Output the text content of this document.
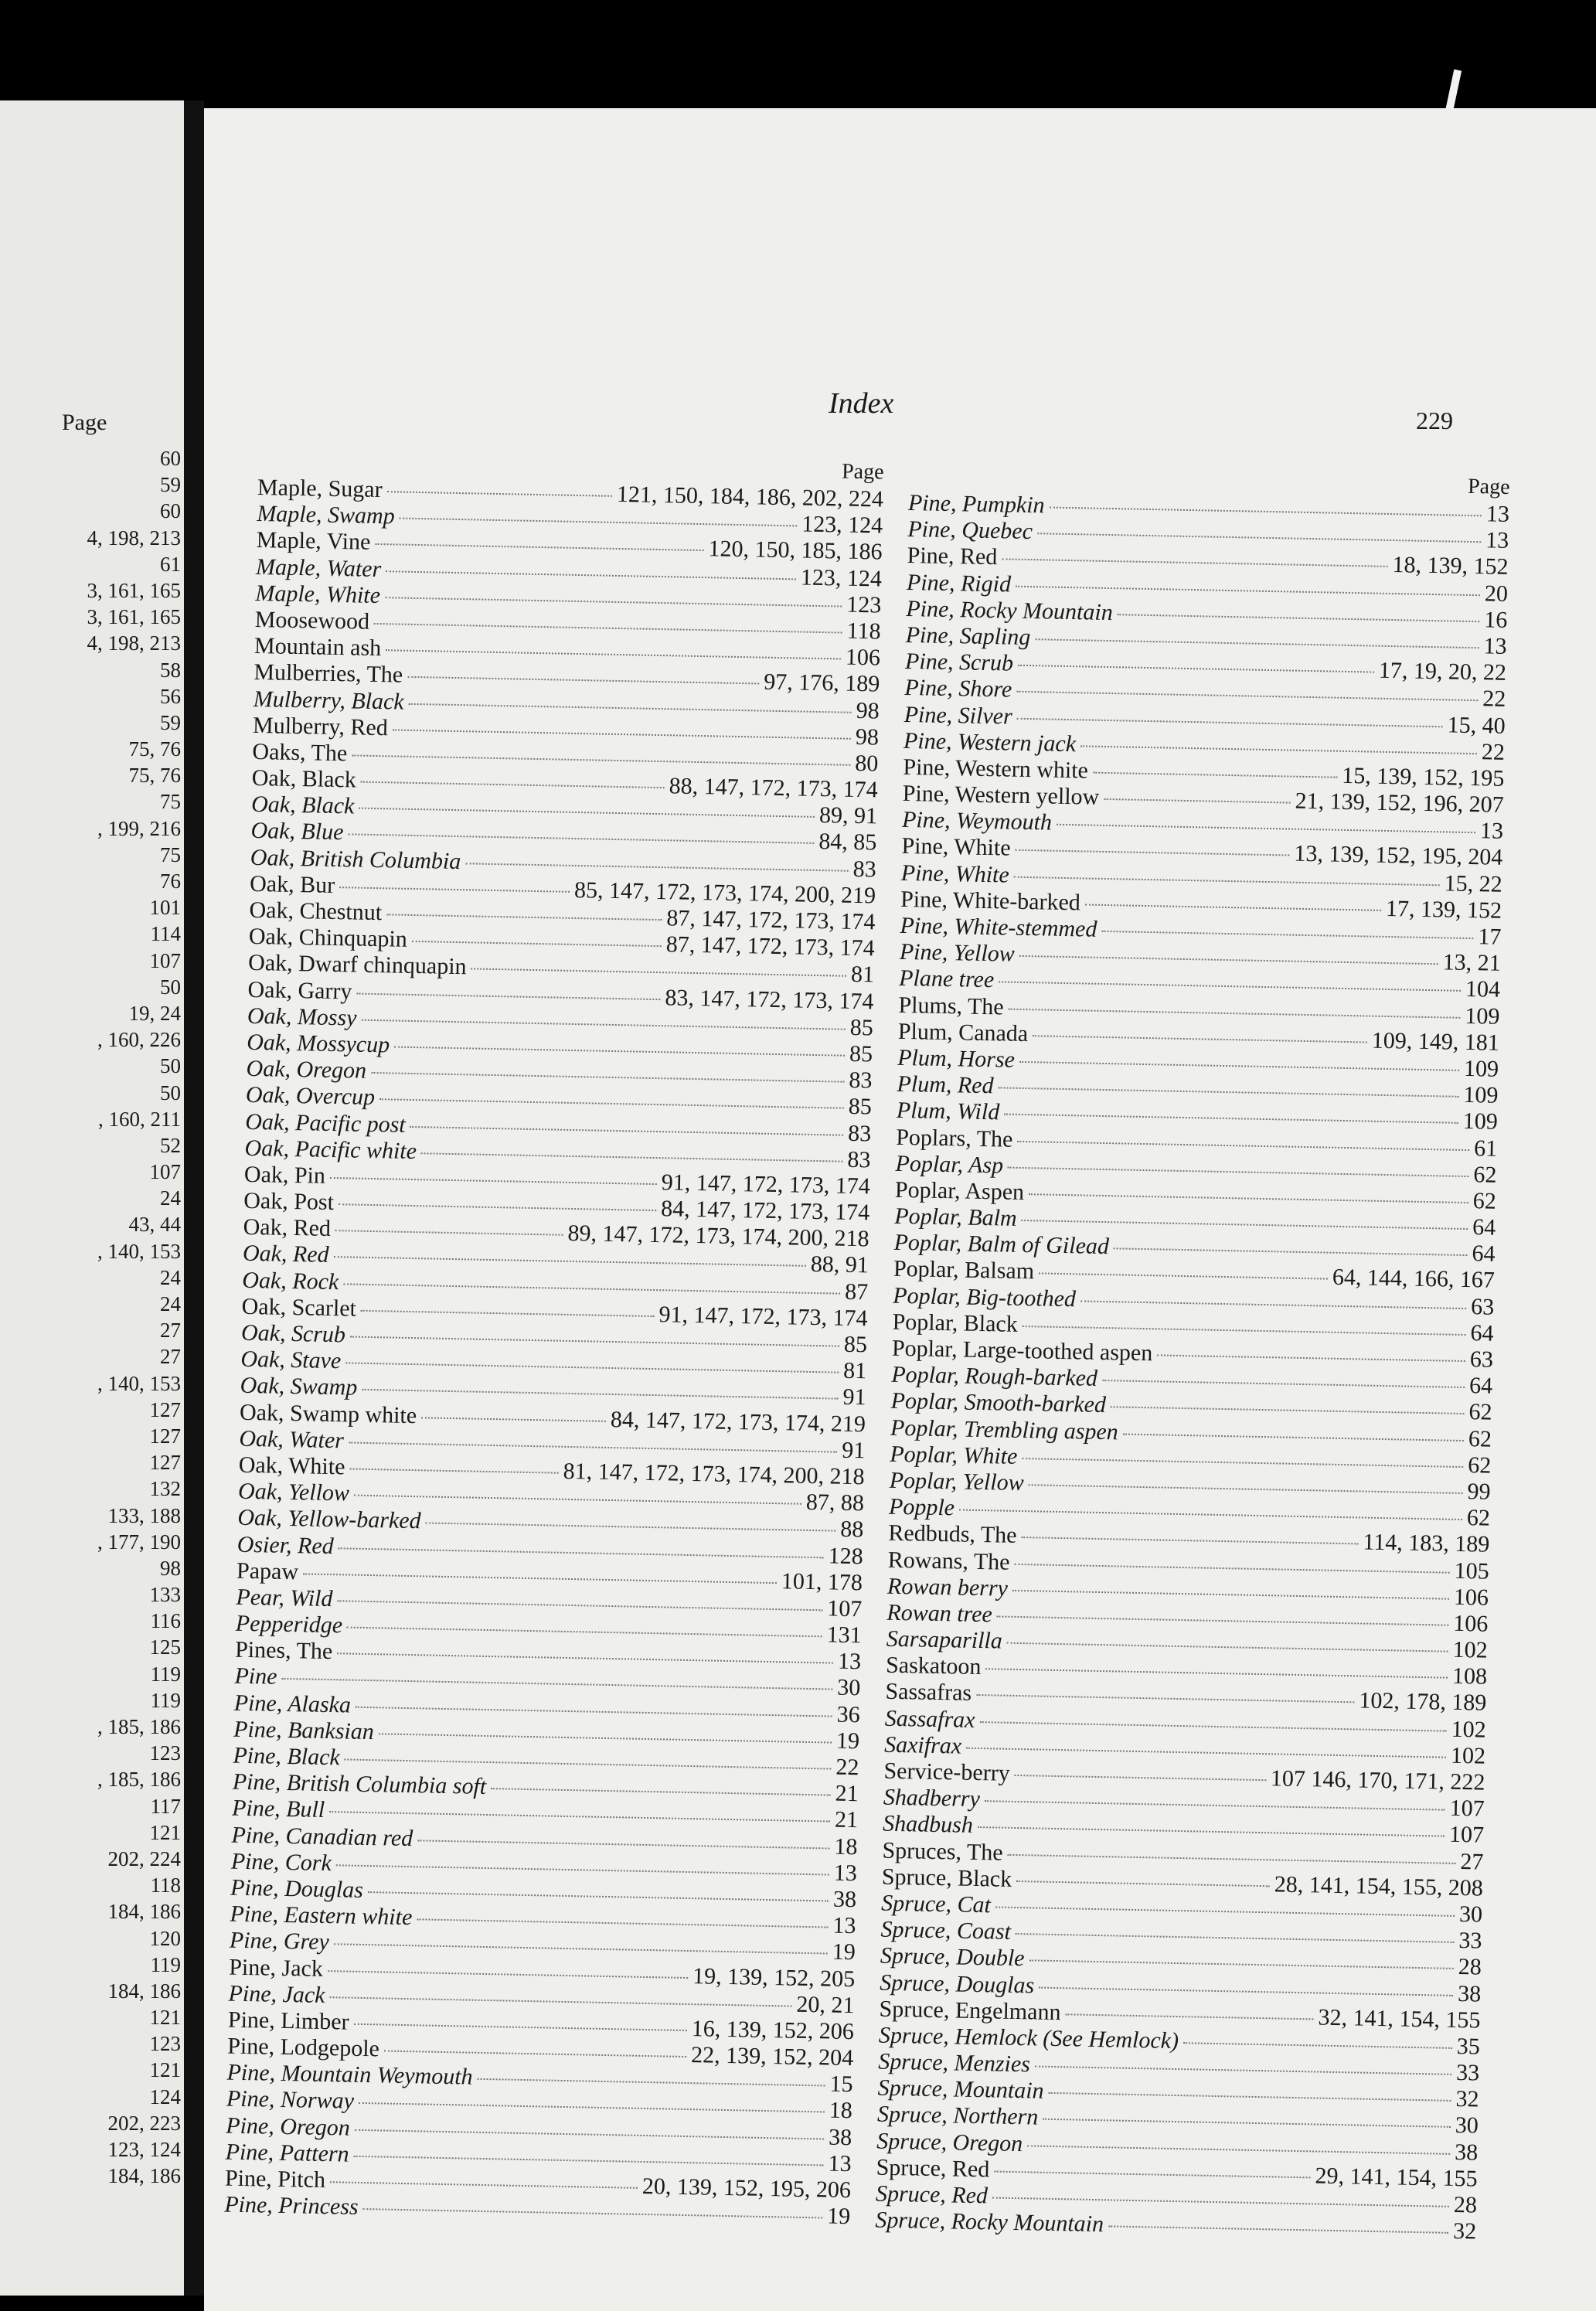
Page
60
59
60
4, 198, 213
61
3, 161, 165
3, 161, 165
4, 198, 213
58
56
59
75, 76
75, 76
75
, 199, 216
75
76
101
114
107
50
19, 24
, 160, 226
50
50
, 160, 211
52
107
24
43, 44
, 140, 153
24
24
27
27
, 140, 153
127
127
127
132
133, 188
, 177, 190
98
133
116
125
119
119
, 185, 186
123
, 185, 186
117
121
202, 224
118
184, 186
120
119
184, 186
121
123
121
124
202, 223
123, 124
184, 186
Index
229
Page
Maple, Sugar	121, 150, 184, 186, 202, 224
Maple, Swamp	123, 124
Maple, Vine	120, 150, 185, 186
Maple, Water	123, 124
Maple, White	123
Moosewood	118
Mountain ash	106
Mulberries, The	97, 176, 189
Mulberry, Black	98
Mulberry, Red	98
Oaks, The	80
Oak, Black	88, 147, 172, 173, 174
Oak, Black	89, 91
Oak, Blue	84, 85
Oak, British Columbia	83
Oak, Bur	85, 147, 172, 173, 174, 200, 219
Oak, Chestnut	87, 147, 172, 173, 174
Oak, Chinquapin	87, 147, 172, 173, 174
Oak, Dwarf chinquapin	81
Oak, Garry	83, 147, 172, 173, 174
Oak, Mossy	85
Oak, Mossycup	85
Oak, Oregon	83
Oak, Overcup	85
Oak, Pacific post	83
Oak, Pacific white	83
Oak, Pin	91, 147, 172, 173, 174
Oak, Post	84, 147, 172, 173, 174
Oak, Red	89, 147, 172, 173, 174, 200, 218
Oak, Red	88, 91
Oak, Rock	87
Oak, Scarlet	91, 147, 172, 173, 174
Oak, Scrub	85
Oak, Stave	81
Oak, Swamp	91
Oak, Swamp white	84, 147, 172, 173, 174, 219
Oak, Water	91
Oak, White	81, 147, 172, 173, 174, 200, 218
Oak, Yellow	87, 88
Oak, Yellow-barked	88
Osier, Red	128
Papaw	101, 178
Pear, Wild	107
Pepperidge	131
Pines, The	13
Pine	30
Pine, Alaska	36
Pine, Banksian	19
Pine, Black	22
Pine, British Columbia soft	21
Pine, Bull	21
Pine, Canadian red	18
Pine, Cork	13
Pine, Douglas	38
Pine, Eastern white	13
Pine, Grey	19
Pine, Jack	19, 139, 152, 205
Pine, Jack	20, 21
Pine, Limber	16, 139, 152, 206
Pine, Lodgepole	22, 139, 152, 204
Pine, Mountain Weymouth	15
Pine, Norway	18
Pine, Oregon	38
Pine, Pattern	13
Pine, Pitch	20, 139, 152, 195, 206
Pine, Princess	19
Page
Pine, Pumpkin	13
Pine, Quebec	13
Pine, Red	18, 139, 152
Pine, Rigid	20
Pine, Rocky Mountain	16
Pine, Sapling	13
Pine, Scrub	17, 19, 20, 22
Pine, Shore	22
Pine, Silver	15, 40
Pine, Western jack	22
Pine, Western white	15, 139, 152, 195
Pine, Western yellow	21, 139, 152, 196, 207
Pine, Weymouth	13
Pine, White	13, 139, 152, 195, 204
Pine, White	15, 22
Pine, White-barked	17, 139, 152
Pine, White-stemmed	17
Pine, Yellow	13, 21
Plane tree	104
Plums, The	109
Plum, Canada	109, 149, 181
Plum, Horse	109
Plum, Red	109
Plum, Wild	109
Poplars, The	61
Poplar, Asp	62
Poplar, Aspen	62
Poplar, Balm	64
Poplar, Balm of Gilead	64
Poplar, Balsam	64, 144, 166, 167
Poplar, Big-toothed	63
Poplar, Black	64
Poplar, Large-toothed aspen	63
Poplar, Rough-barked	64
Poplar, Smooth-barked	62
Poplar, Trembling aspen	62
Poplar, White	62
Poplar, Yellow	99
Popple	62
Redbuds, The	114, 183, 189
Rowans, The	105
Rowan berry	106
Rowan tree	106
Sarsaparilla	102
Saskatoon	108
Sassafras	102, 178, 189
Sassafrax	102
Saxifrax	102
Service-berry	107 146, 170, 171, 222
Shadberry	107
Shadbush	107
Spruces, The	27
Spruce, Black	28, 141, 154, 155, 208
Spruce, Cat	30
Spruce, Coast	33
Spruce, Double	28
Spruce, Douglas	38
Spruce, Engelmann	32, 141, 154, 155
Spruce, Hemlock (See Hemlock)	35
Spruce, Menzies	33
Spruce, Mountain	32
Spruce, Northern	30
Spruce, Oregon	38
Spruce, Red	29, 141, 154, 155
Spruce, Red	28
Spruce, Rocky Mountain	32
